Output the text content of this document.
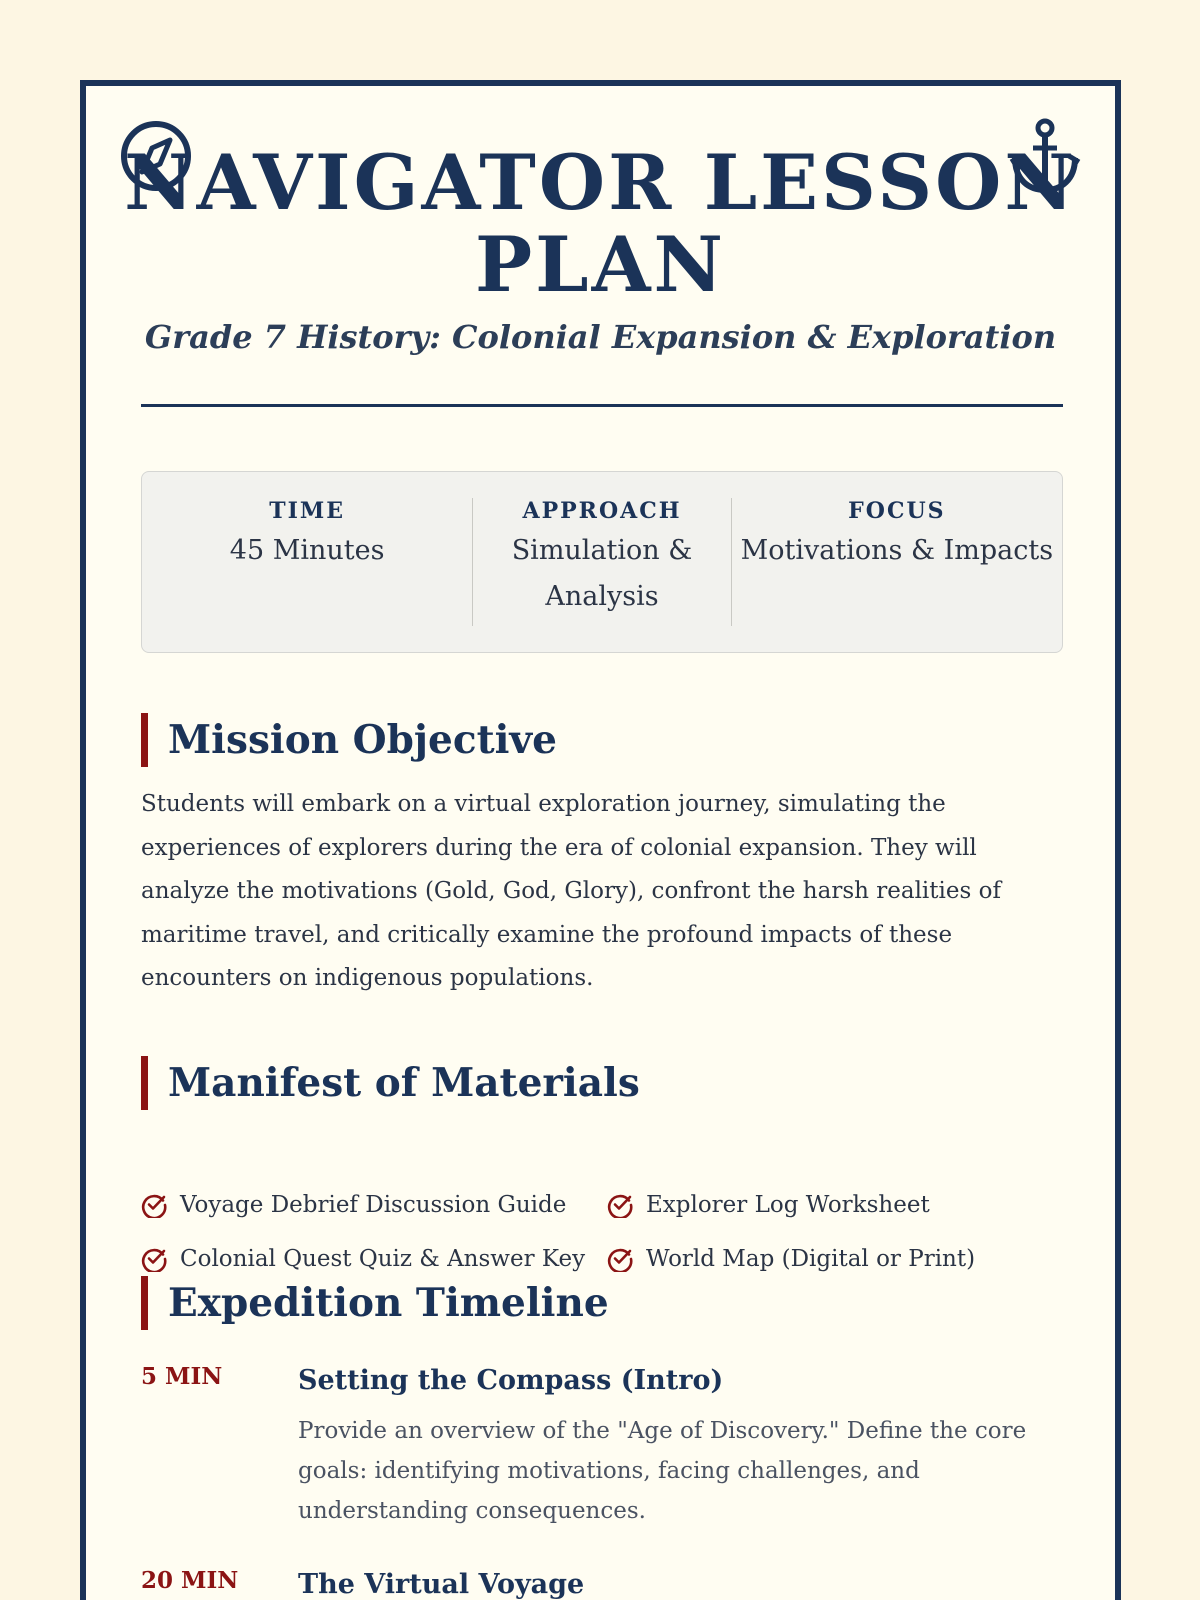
NAVIGATOR LESSON PLAN
Grade 7 History: Colonial Expansion & Exploration
TIME
45 Minutes
APPROACH
Simulation & Analysis
FOCUS
Motivations & Impacts
Mission Objective

Students will embark on a virtual exploration journey, simulating the experiences of explorers during the era of colonial expansion. They will analyze the motivations (Gold, God, Glory), confront the harsh realities of maritime travel, and critically examine the profound impacts of these encounters on indigenous populations.

Manifest of Materials
Voyage Debrief Discussion Guide	Explorer Log Worksheet
Colonial Quest Quiz & Answer Key	World Map (Digital or Print)
Expedition Timeline
5 MIN	Setting the Compass (Intro)
Provide an overview of the "Age of Discovery." Define the core goals: identifying motivations, facing challenges, and understanding consequences.
20 MIN The Virtual Voyage
